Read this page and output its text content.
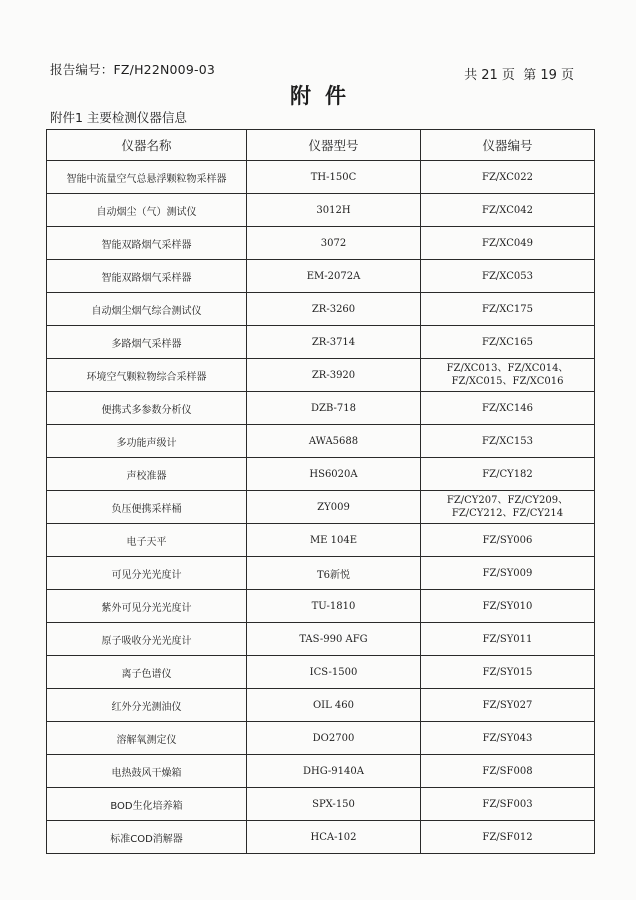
报告编号：FZ/H22N009-03	共 21 页 第 19 页
附件
附件1 主要检测仪器信息
仪器名称	仪器型号	仪器编号
智能中流量空气总悬浮颗粒物采样器	TH-150C	FZ/XC022
自动烟尘（气）测试仪	3012H	FZ/XC042
智能双路烟气采样器	3072	FZ/XC049
智能双路烟气采样器	EM-2072A	FZ/XC053
自动烟尘烟气综合测试仪	ZR-3260	FZ/XC175
多路烟气采样器	ZR-3714	FZ/XC165
环境空气颗粒物综合采样器	ZR-3920	FZ/XC013、FZ/XC014、FZ/XC015、FZ/XC016
便携式多参数分析仪	DZB-718	FZ/XC146
多功能声级计	AWA5688	FZ/XC153
声校准器	HS6020A	FZ/CY182
负压便携采样桶	ZY009	FZ/CY207、FZ/CY209、FZ/CY212、FZ/CY214
电子天平	ME 104E	FZ/SY006
可见分光光度计	T6新悦	FZ/SY009
紫外可见分光光度计	TU-1810	FZ/SY010
原子吸收分光光度计	TAS-990 AFG	FZ/SY011
离子色谱仪	ICS-1500	FZ/SY015
红外分光测油仪	OIL 460	FZ/SY027
溶解氧测定仪	DO2700	FZ/SY043
电热鼓风干燥箱	DHG-9140A	FZ/SF008
BOD生化培养箱	SPX-150	FZ/SF003
标准COD消解器	HCA-102	FZ/SF012
